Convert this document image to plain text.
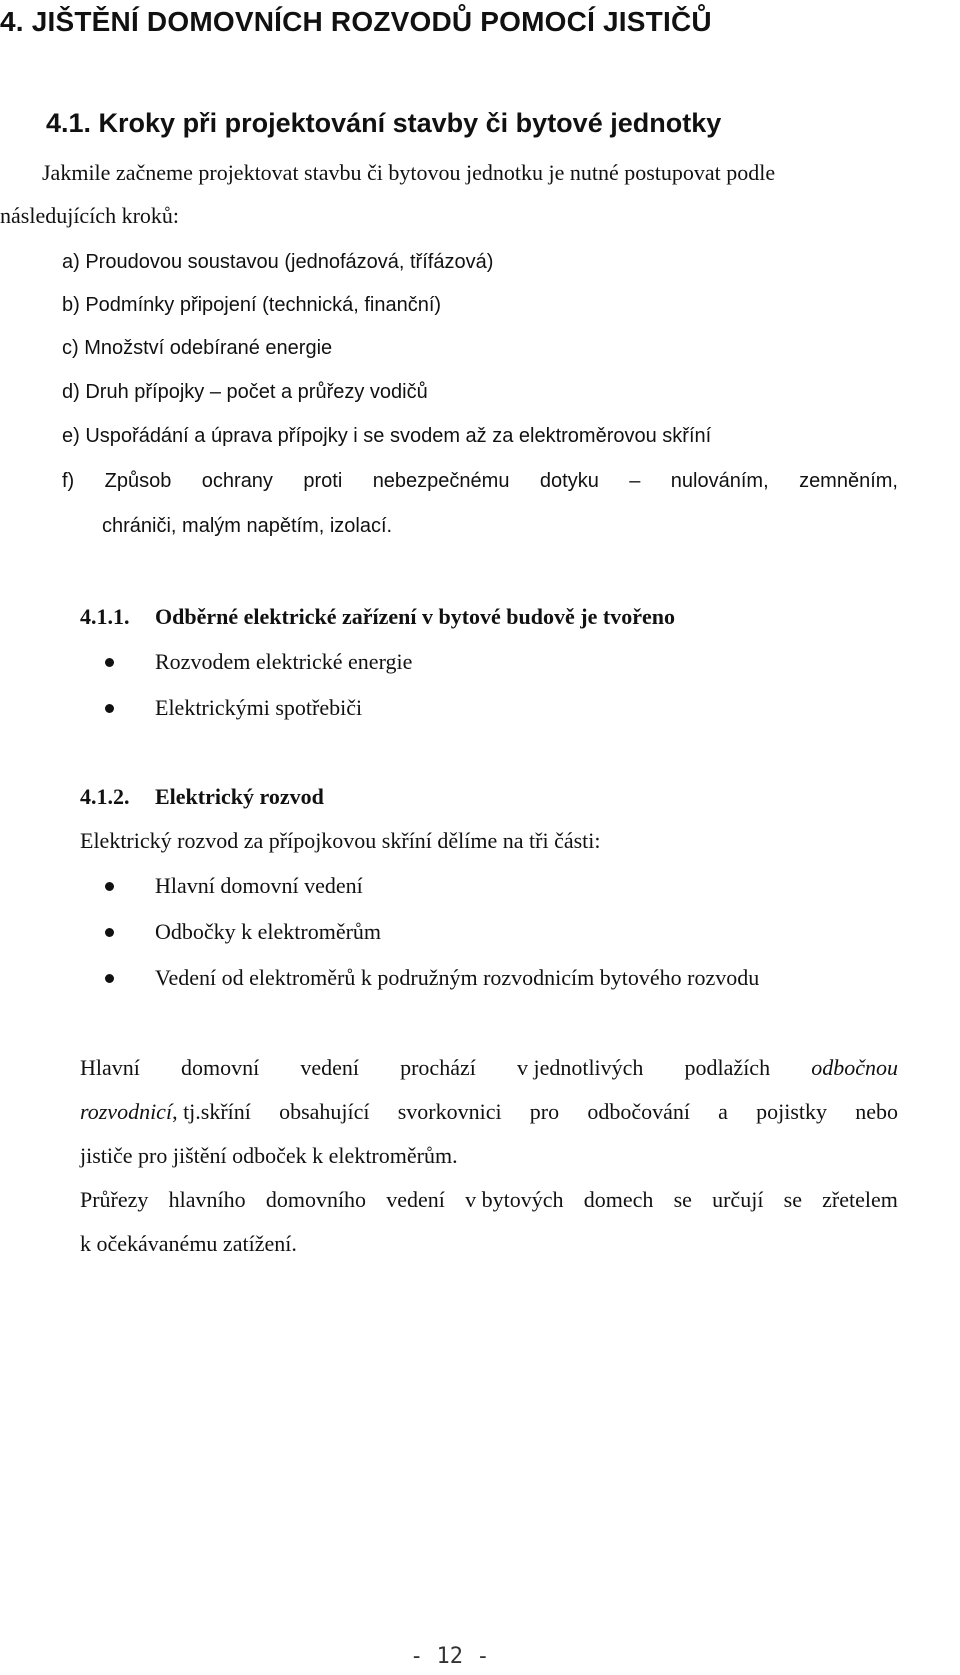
4. JIŠTĚNÍ DOMOVNÍCH ROZVODŮ POMOCÍ JISTIČŮ
4.1. Kroky při projektování stavby či bytové jednotky
Jakmile začneme projektovat stavbu či bytovou jednotku je nutné postupovat podle
následujících kroků:
a) Proudovou soustavou (jednofázová, třífázová)
b) Podmínky připojení (technická, finanční)
c) Množství odebírané energie
d) Druh přípojky – počet a průřezy vodičů
e) Uspořádání a úprava přípojky i se svodem až za elektroměrovou skříní
f) Způsob ochrany proti nebezpečnému dotyku – nulováním, zemněním,
chrániči, malým napětím, izolací.
4.1.1. Odběrné elektrické zařízení v bytové budově je tvořeno
Rozvodem elektrické energie
Elektrickými spotřebiči
4.1.2. Elektrický rozvod
Elektrický rozvod za přípojkovou skříní dělíme na tři části:
Hlavní domovní vedení
Odbočky k elektroměrům
Vedení od elektroměrů k podružným rozvodnicím bytového rozvodu
Hlavní domovní vedení prochází v jednotlivých podlažích odbočnou
rozvodnicí, tj.skříní obsahující svorkovnici pro odbočování a pojistky nebo
jističe pro jištění odboček k elektroměrům.
Průřezy hlavního domovního vedení v bytových domech se určují se zřetelem
k očekávanému zatížení.
- 12 -
